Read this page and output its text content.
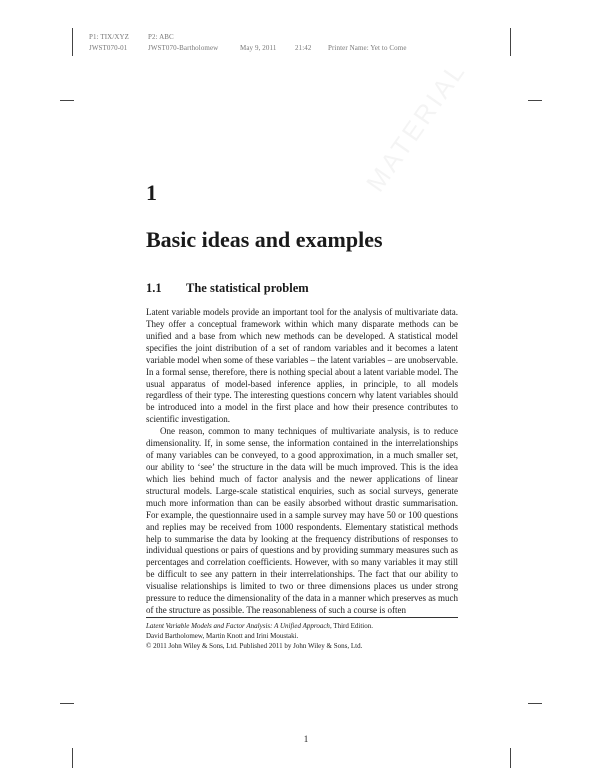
P1: TIX/XYZ	P2: ABC
JWST070-01	JWST070-Bartholomew	May 9, 2011	21:42 Printer Name: Yet to Come
1
Basic ideas and examples
1.1 The statistical problem

Latent variable models provide an important tool for the analysis of multivariate data. They offer a conceptual framework within which many disparate methods can be unified and a base from which new methods can be developed. A statistical model specifies the joint distribution of a set of random variables and it becomes a latent variable model when some of these variables – the latent variables – are unobservable. In a formal sense, therefore, there is nothing special about a latent variable model. The usual apparatus of model-based inference applies, in principle, to all models regardless of their type. The interesting questions concern why latent variables should be introduced into a model in the first place and how their presence contributes to scientific investigation.

One reason, common to many techniques of multivariate analysis, is to reduce dimensionality. If, in some sense, the information contained in the interrelationships of many variables can be conveyed, to a good approximation, in a much smaller set, our ability to ‘see’ the structure in the data will be much improved. This is the idea which lies behind much of factor analysis and the newer applications of linear structural models. Large-scale statistical enquiries, such as social surveys, generate much more information than can be easily absorbed without drastic summarisation. For example, the questionnaire used in a sample survey may have 50 or 100 questions and replies may be received from 1000 respondents. Elementary statistical methods help to summarise the data by looking at the frequency distributions of responses to individual questions or pairs of questions and by providing summary measures such as percentages and correlation coefficients. However, with so many variables it may still be difficult to see any pattern in their interrelationships. The fact that our ability to visualise relationships is limited to two or three dimensions places us under strong pressure to reduce the dimensionality of the data in a manner which preserves as much of the structure as possible. The reasonableness of such a course is often

Latent Variable Models and Factor Analysis: A Unified Approach, Third Edition.
David Bartholomew, Martin Knott and Irini Moustaki.
© 2011 John Wiley & Sons, Ltd. Published 2011 by John Wiley & Sons, Ltd.
1
